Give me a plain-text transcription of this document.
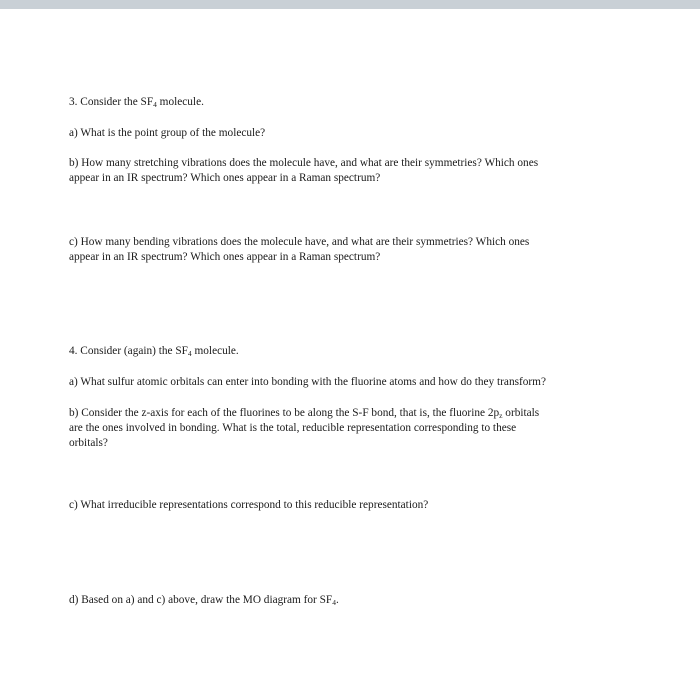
3. Consider the $SF_4$ molecule.
a) What is the point group of the molecule?
b) How many stretching vibrations does the molecule have, and what are their symmetries? Which ones
appear in an IR spectrum? Which ones appear in a Raman spectrum?
c) How many bending vibrations does the molecule have, and what are their symmetries? Which ones
appear in an IR spectrum? Which ones appear in a Raman spectrum?
4. Consider (again) the $SF_4$ molecule.
a) What sulfur atomic orbitals can enter into bonding with the fluorine atoms and how do they transform?
b) Consider the z-axis for each of the fluorines to be along the S-F bond, that is, the fluorine $2p_z$ orbitals
are the ones involved in bonding. What is the total, reducible representation corresponding to these
orbitals?
c) What irreducible representations correspond to this reducible representation?
d) Based on a) and c) above, draw the MO diagram for $SF_4$.
